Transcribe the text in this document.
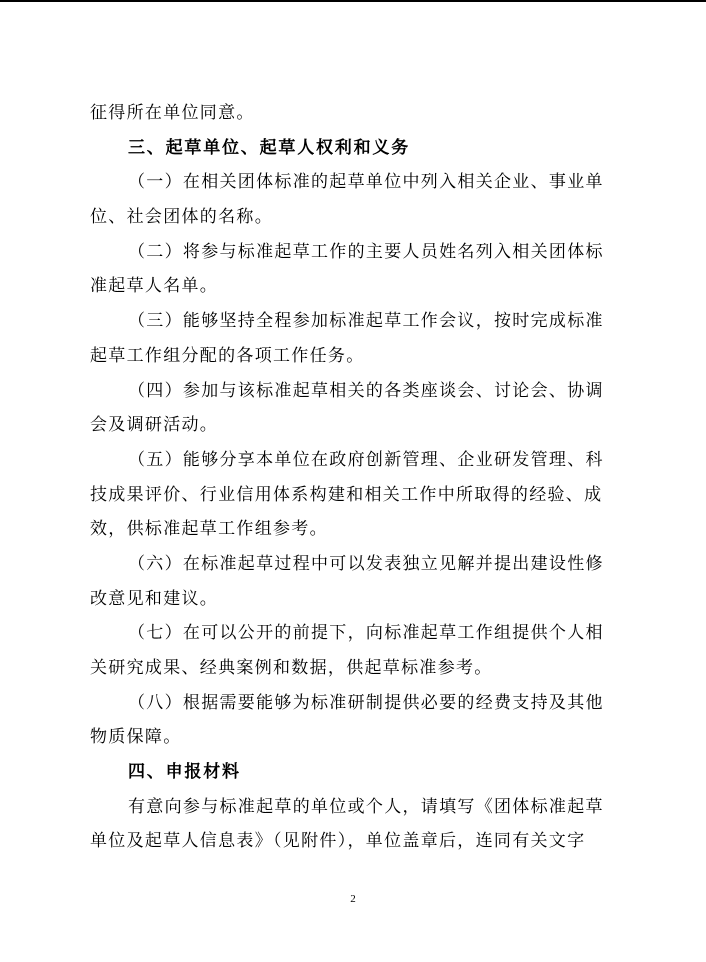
征得所在单位同意。
三、起草单位、起草人权利和义务
（一）在相关团体标准的起草单位中列入相关企业、事业单
位、社会团体的名称。
（二）将参与标准起草工作的主要人员姓名列入相关团体标
准起草人名单。
（三）能够坚持全程参加标准起草工作会议，按时完成标准
起草工作组分配的各项工作任务。
（四）参加与该标准起草相关的各类座谈会、讨论会、协调
会及调研活动。
（五）能够分享本单位在政府创新管理、企业研发管理、科
技成果评价、行业信用体系构建和相关工作中所取得的经验、成
效，供标准起草工作组参考。
（六）在标准起草过程中可以发表独立见解并提出建设性修
改意见和建议。
（七）在可以公开的前提下，向标准起草工作组提供个人相
关研究成果、经典案例和数据，供起草标准参考。
（八）根据需要能够为标准研制提供必要的经费支持及其他
物质保障。
四、申报材料
有意向参与标准起草的单位或个人，请填写《团体标准起草
单位及起草人信息表》（见附件），单位盖章后，连同有关文字
2
